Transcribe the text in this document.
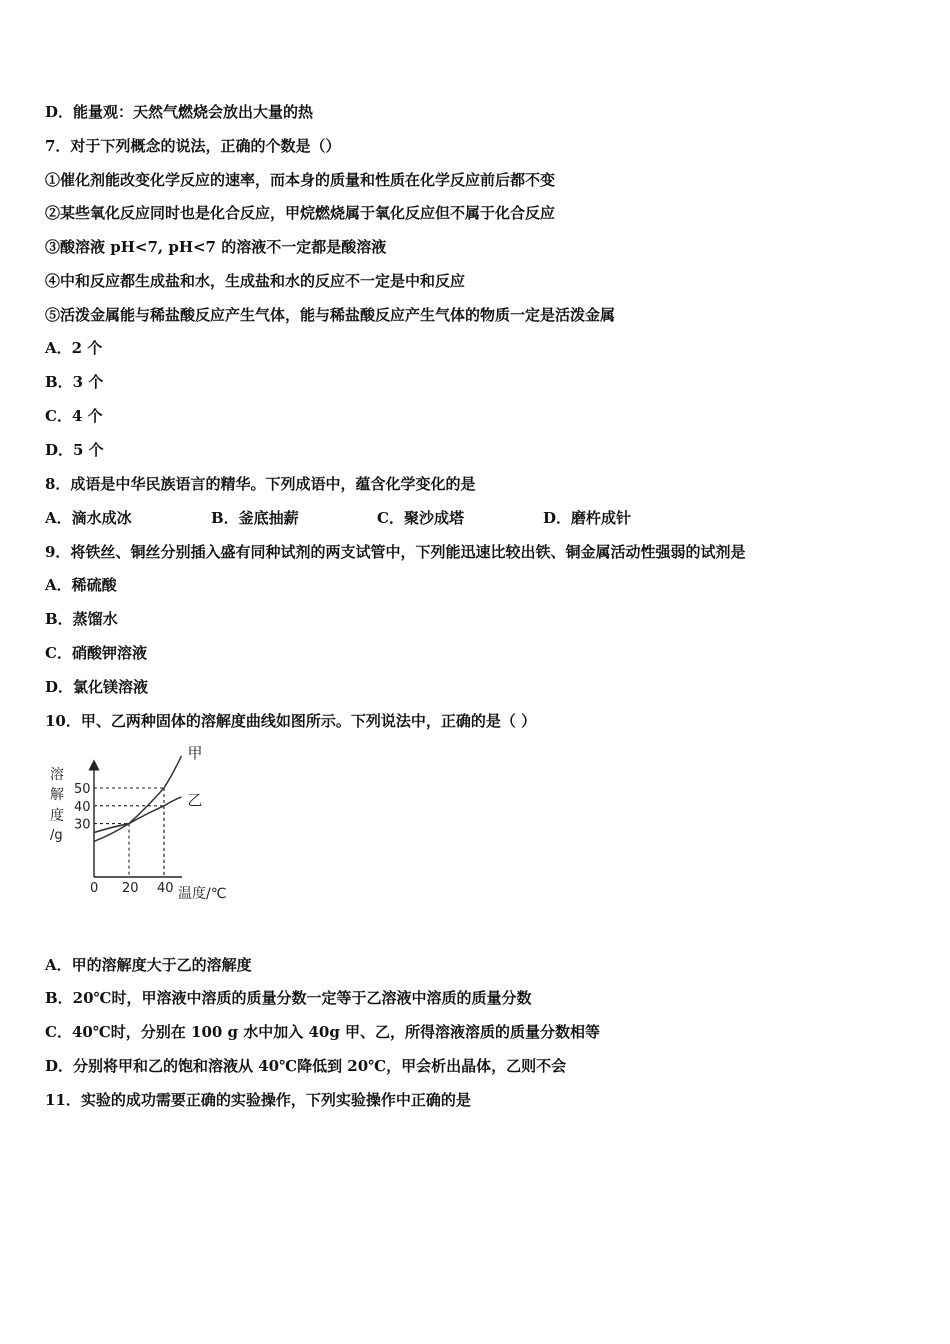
D．能量观：天然气燃烧会放出大量的热
7．对于下列概念的说法，正确的个数是（）
①催化剂能改变化学反应的速率，而本身的质量和性质在化学反应前后都不变
②某些氧化反应同时也是化合反应，甲烷燃烧属于氧化反应但不属于化合反应
③酸溶液 pH<7, pH<7 的溶液不一定都是酸溶液
④中和反应都生成盐和水，生成盐和水的反应不一定是中和反应
⑤活泼金属能与稀盐酸反应产生气体，能与稀盐酸反应产生气体的物质一定是活泼金属
A．2 个
B．3 个
C．4 个
D．5 个
8．成语是中华民族语言的精华。下列成语中，蕴含化学变化的是
A．滴水成冰	B．釜底抽薪	C．聚沙成塔	D．磨杵成针
9．将铁丝、铜丝分别插入盛有同种试剂的两支试管中，下列能迅速比较出铁、铜金属活动性强弱的试剂是
A．稀硫酸
B．蒸馏水
C．硝酸钾溶液
D．氯化镁溶液
10．甲、乙两种固体的溶解度曲线如图所示。下列说法中，正确的是（ ）
甲
乙
溶
解
度
/g
温度/℃
0 20 40
30
40
50
A．甲的溶解度大于乙的溶解度
B．20℃时，甲溶液中溶质的质量分数一定等于乙溶液中溶质的质量分数
C．40℃时，分别在 100 g 水中加入 40g 甲、乙，所得溶液溶质的质量分数相等
D．分别将甲和乙的饱和溶液从 40℃降低到 20℃，甲会析出晶体，乙则不会
11．实验的成功需要正确的实验操作，下列实验操作中正确的是
